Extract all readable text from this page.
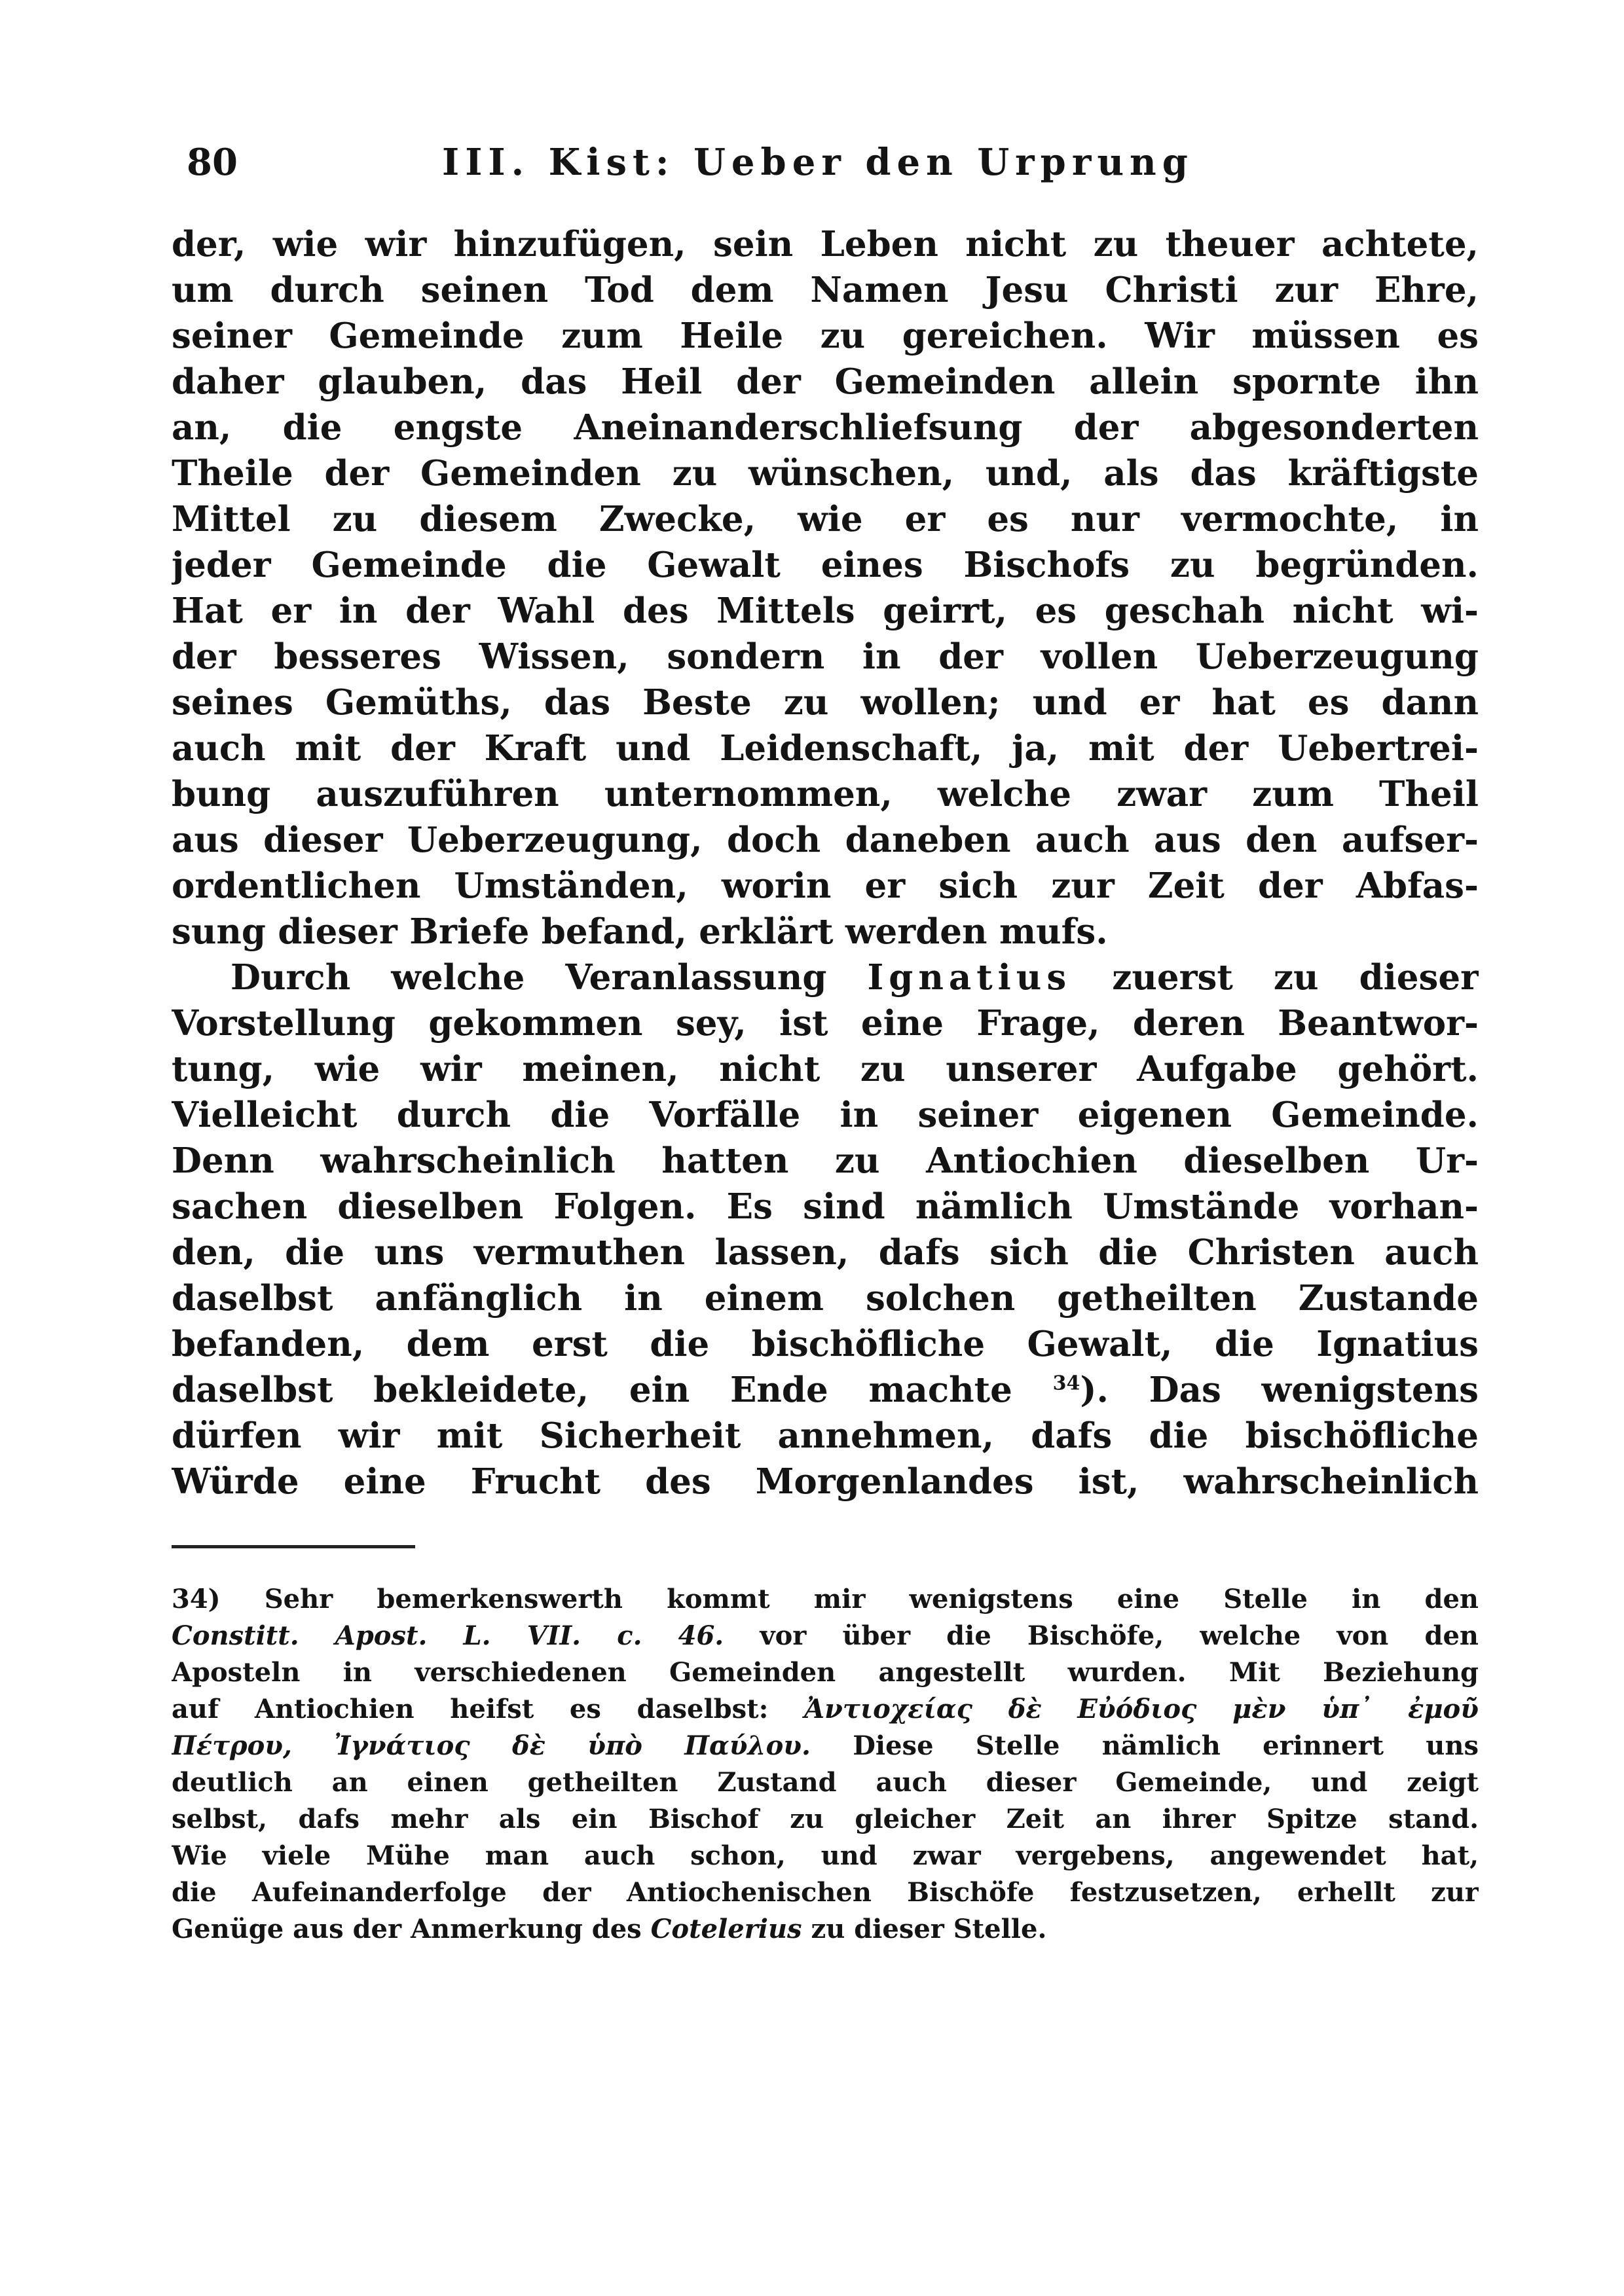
80	III. Kist: Ueber den Urprung
der, wie wir hinzufügen, sein Leben nicht zu theuer achtete,
um durch seinen Tod dem Namen Jesu Christi zur Ehre,
seiner Gemeinde zum Heile zu gereichen. Wir müssen es
daher glauben, das Heil der Gemeinden allein spornte ihn
an, die engste Aneinanderschliefsung der abgesonderten
Theile der Gemeinden zu wünschen, und, als das kräftigste
Mittel zu diesem Zwecke, wie er es nur vermochte, in
jeder Gemeinde die Gewalt eines Bischofs zu begründen.
Hat er in der Wahl des Mittels geirrt, es geschah nicht wi-
der besseres Wissen, sondern in der vollen Ueberzeugung
seines Gemüths, das Beste zu wollen; und er hat es dann
auch mit der Kraft und Leidenschaft, ja, mit der Uebertrei-
bung auszuführen unternommen, welche zwar zum Theil
aus dieser Ueberzeugung, doch daneben auch aus den aufser-
ordentlichen Umständen, worin er sich zur Zeit der Abfas-
sung dieser Briefe befand, erklärt werden mufs.
Durch welche Veranlassung Ignatius zuerst zu dieser
Vorstellung gekommen sey, ist eine Frage, deren Beantwor-
tung, wie wir meinen, nicht zu unserer Aufgabe gehört.
Vielleicht durch die Vorfälle in seiner eigenen Gemeinde.
Denn wahrscheinlich hatten zu Antiochien dieselben Ur-
sachen dieselben Folgen. Es sind nämlich Umstände vorhan-
den, die uns vermuthen lassen, dafs sich die Christen auch
daselbst anfänglich in einem solchen getheilten Zustande
befanden, dem erst die bischöfliche Gewalt, die Ignatius
daselbst bekleidete, ein Ende machte $^{34}$). Das wenigstens
dürfen wir mit Sicherheit annehmen, dafs die bischöfliche
Würde eine Frucht des Morgenlandes ist, wahrscheinlich
34) Sehr bemerkenswerth kommt mir wenigstens eine Stelle in den
Constitt. Apost. L. VII. c. 46. vor über die Bischöfe, welche von den
Aposteln in verschiedenen Gemeinden angestellt wurden. Mit Beziehung
auf Antiochien heifst es daselbst: Ἀντιοχείας δὲ Εὐόδιος μὲν ὑπ᾽ ἐμοῦ
Πέτρου, Ἰγνάτιος δὲ ὑπὸ Παύλου. Diese Stelle nämlich erinnert uns
deutlich an einen getheilten Zustand auch dieser Gemeinde, und zeigt
selbst, dafs mehr als ein Bischof zu gleicher Zeit an ihrer Spitze stand.
Wie viele Mühe man auch schon, und zwar vergebens, angewendet hat,
die Aufeinanderfolge der Antiochenischen Bischöfe festzusetzen, erhellt zur
Genüge aus der Anmerkung des Cotelerius zu dieser Stelle.
